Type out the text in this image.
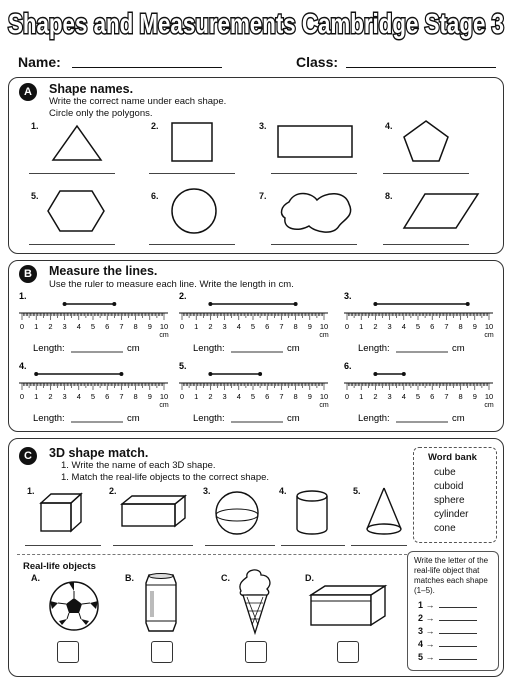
Shapes and Measurements Cambridge Stage 3
Name:	Class:
A	Shape names.
Write the correct name under each shape.
Circle only the polygons.
1.	2.	3.	4.
5.	6.	7.	8.
B	Measure the lines.
Use the ruler to measure each line. Write the length in cm.
1.
0 1 2 3 4 5 6 7 8 9 10
cm
Length:	cm
2.
0 1 2 3 4 5 6 7 8 9 10
cm
Length:	cm
3.
0 1 2 3 4 5 6 7 8 9 10
cm
Length:	cm
4.
0 1 2 3 4 5 6 7 8 9 10
cm
Length:	cm
5.
0 1 2 3 4 5 6 7 8 9 10
cm
Length:	cm
6.
0 1 2 3 4 5 6 7 8 9 10
cm
Length:	cm
C	3D shape match.
1. Write the name of each 3D shape.
1. Match the real-life objects to the correct shape.
1.	2.	3.	4.	5.
Word bank
cube
cuboid
sphere
cylinder
cone
Real-life objects
A.	B.	C.	D.
Write the letter of the
real-life object that
matches each shape
(1–5).
1 →
2 →
3 →
4 →
5 →
